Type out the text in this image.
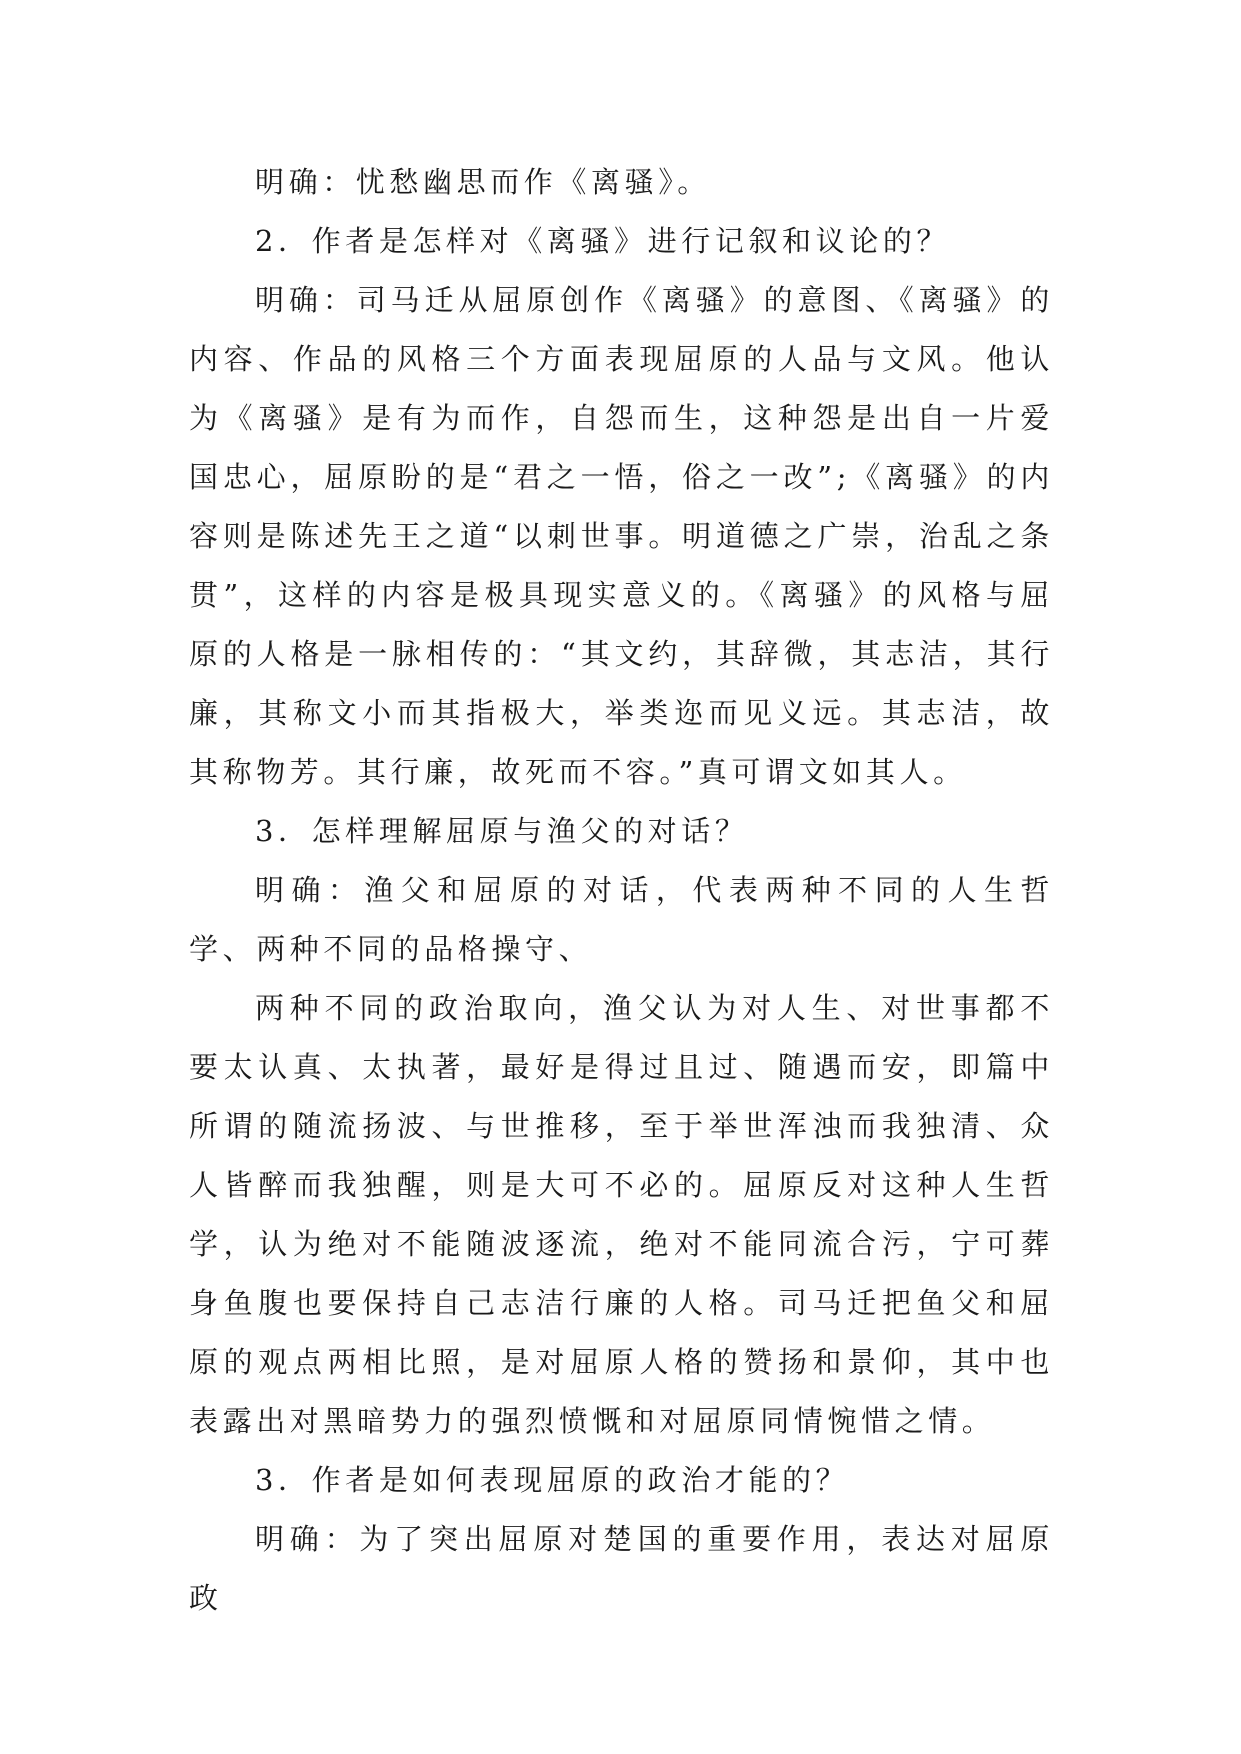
明确：忧愁幽思而作《离骚》。

2．作者是怎样对《离骚》进行记叙和议论的？

明确：司马迁从屈原创作《离骚》的意图、《离骚》的内容、作品的风格三个方面表现屈原的人品与文风。他认为《离骚》是有为而作，自怨而生，这种怨是出自一片爱国忠心，屈原盼的是“君之一悟，俗之一改”;《离骚》的内容则是陈述先王之道“以刺世事。明道德之广崇，治乱之条贯”，这样的内容是极具现实意义的。《离骚》的风格与屈原的人格是一脉相传的：“其文约，其辞微，其志洁，其行廉，其称文小而其指极大，举类迩而见义远。其志洁，故其称物芳。其行廉，故死而不容。”真可谓文如其人。

3．怎样理解屈原与渔父的对话？

明确：渔父和屈原的对话，代表两种不同的人生哲学、两种不同的品格操守、

两种不同的政治取向，渔父认为对人生、对世事都不要太认真、太执著，最好是得过且过、随遇而安，即篇中所谓的随流扬波、与世推移，至于举世浑浊而我独清、众人皆醉而我独醒，则是大可不必的。屈原反对这种人生哲学，认为绝对不能随波逐流，绝对不能同流合污，宁可葬身鱼腹也要保持自己志洁行廉的人格。司马迁把鱼父和屈原的观点两相比照，是对屈原人格的赞扬和景仰，其中也表露出对黑暗势力的强烈愤慨和对屈原同情惋惜之情。

3．作者是如何表现屈原的政治才能的？

明确：为了突出屈原对楚国的重要作用，表达对屈原政
